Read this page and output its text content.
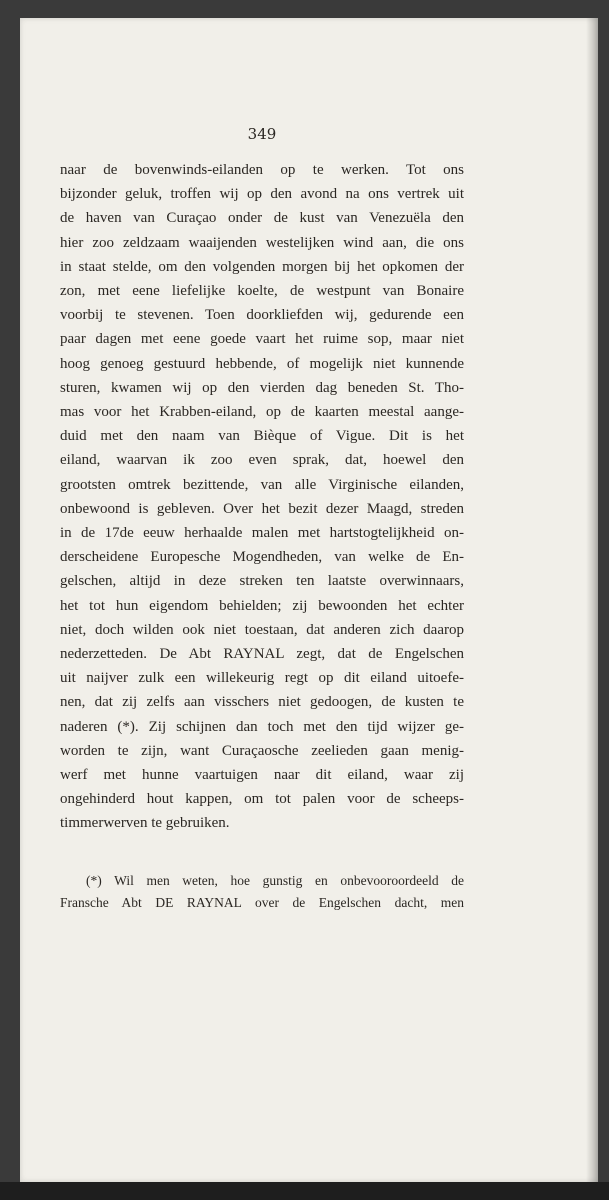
349
naar de bovenwinds-eilanden op te werken. Tot ons
bijzonder geluk, troffen wij op den avond na ons vertrek uit
de haven van Curaçao onder de kust van Venezuëla den
hier zoo zeldzaam waaijenden westelijken wind aan, die ons
in staat stelde, om den volgenden morgen bij het opkomen der
zon, met eene liefelijke koelte, de westpunt van Bonaire
voorbij te stevenen. Toen doorkliefden wij, gedurende een
paar dagen met eene goede vaart het ruime sop, maar niet
hoog genoeg gestuurd hebbende, of mogelijk niet kunnende
sturen, kwamen wij op den vierden dag beneden St. Tho-
mas voor het Krabben-eiland, op de kaarten meestal aange-
duid met den naam van Bièque of Vigue. Dit is het
eiland, waarvan ik zoo even sprak, dat, hoewel den
grootsten omtrek bezittende, van alle Virginische eilanden,
onbewoond is gebleven. Over het bezit dezer Maagd, streden
in de 17de eeuw herhaalde malen met hartstogtelijkheid on-
derscheidene Europesche Mogendheden, van welke de En-
gelschen, altijd in deze streken ten laatste overwinnaars,
het tot hun eigendom behielden; zij bewoonden het echter
niet, doch wilden ook niet toestaan, dat anderen zich daarop
nederzetteden. De Abt RAYNAL zegt, dat de Engelschen
uit naijver zulk een willekeurig regt op dit eiland uitoefe-
nen, dat zij zelfs aan visschers niet gedoogen, de kusten te
naderen (*). Zij schijnen dan toch met den tijd wijzer ge-
worden te zijn, want Curaçaosche zeelieden gaan menig-
werf met hunne vaartuigen naar dit eiland, waar zij
ongehinderd hout kappen, om tot palen voor de scheeps-
timmerwerven te gebruiken.
(*) Wil men weten, hoe gunstig en onbevooroordeeld de
Fransche Abt DE RAYNAL over de Engelschen dacht, men
